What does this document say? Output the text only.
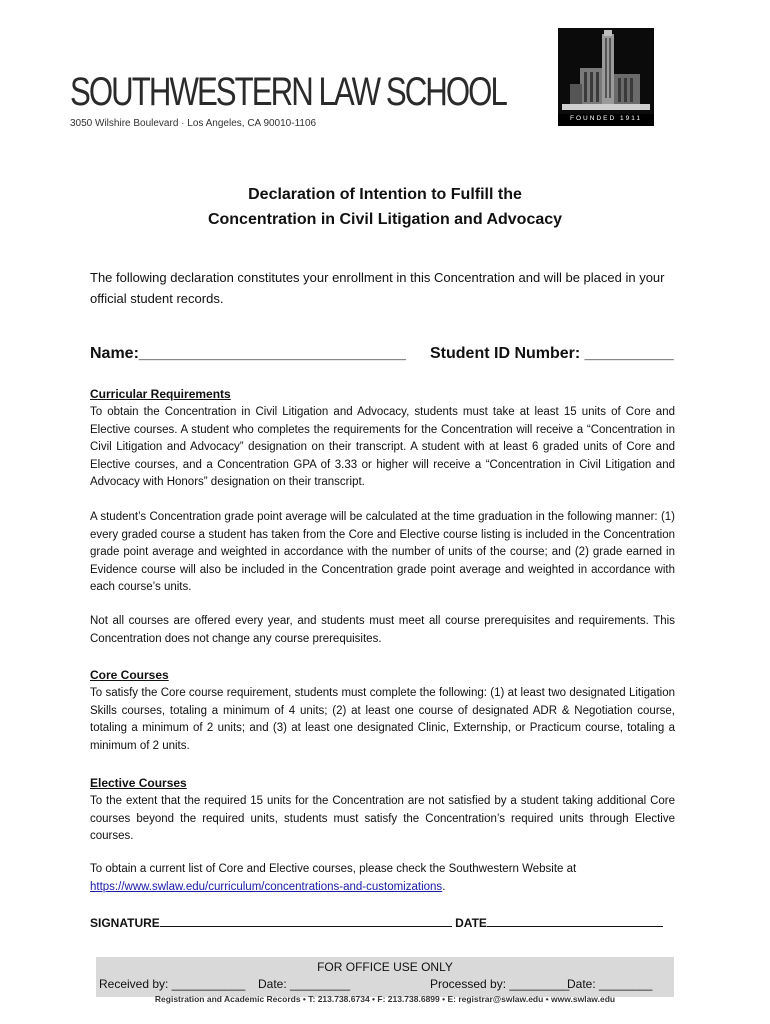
SOUTHWESTERN LAW SCHOOL
3050 Wilshire Boulevard · Los Angeles, CA 90010-1106	FOUNDED 1911
Declaration of Intention to Fulfill the
Concentration in Civil Litigation and Advocacy
The following declaration constitutes your enrollment in this Concentration and will be placed in your official student records.
Name:______________________________ Student ID Number: __________
Curricular Requirements

To obtain the Concentration in Civil Litigation and Advocacy, students must take at least 15 units of Core and Elective courses. A student who completes the requirements for the Concentration will receive a “Concentration in Civil Litigation and Advocacy” designation on their transcript. A student with at least 6 graded units of Core and Elective courses, and a Concentration GPA of 3.33 or higher will receive a “Concentration in Civil Litigation and Advocacy with Honors” designation on their transcript.

A student’s Concentration grade point average will be calculated at the time graduation in the following manner: (1) every graded course a student has taken from the Core and Elective course listing is included in the Concentration grade point average and weighted in accordance with the number of units of the course; and (2) grade earned in Evidence course will also be included in the Concentration grade point average and weighted in accordance with each course’s units.

Not all courses are offered every year, and students must meet all course prerequisites and requirements. This Concentration does not change any course prerequisites.

Core Courses

To satisfy the Core course requirement, students must complete the following: (1) at least two designated Litigation Skills courses, totaling a minimum of 4 units; (2) at least one course of designated ADR & Negotiation course, totaling a minimum of 2 units; and (3) at least one designated Clinic, Externship, or Practicum course, totaling a minimum of 2 units.

Elective Courses

To the extent that the required 15 units for the Concentration are not satisfied by a student taking additional Core courses beyond the required units, students must satisfy the Concentration’s required units through Elective courses.

To obtain a current list of Core and Elective courses, please check the Southwestern Website at
https://www.swlaw.edu/curriculum/concentrations-and-customizations.
SIGNATURE	DATE
FOR OFFICE USE ONLY
Received by: ___________ Date: _________	Processed by: _________
Date: ________
Registration and Academic Records • T: 213.738.6734 • F: 213.738.6899 • E: registrar@swlaw.edu • www.swlaw.edu
